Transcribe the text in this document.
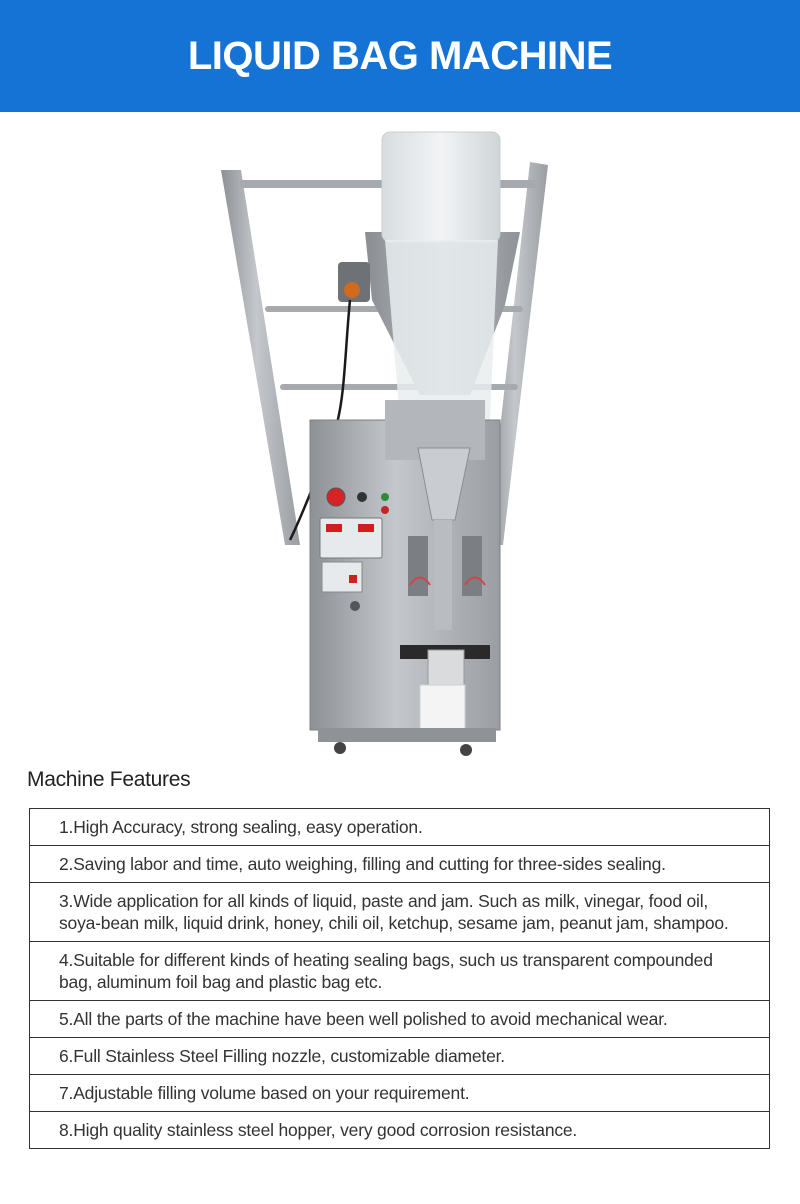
LIQUID BAG MACHINE
Machine Features
1.High Accuracy, strong sealing, easy operation.
2.Saving labor and time, auto weighing, filling and cutting for three-sides sealing.
3.Wide application for all kinds of liquid, paste and jam. Such as milk, vinegar, food oil, soya-bean milk, liquid drink, honey, chili oil, ketchup, sesame jam, peanut jam, shampoo.
4.Suitable for different kinds of heating sealing bags, such us transparent compounded bag, aluminum foil bag and plastic bag etc.
5.All the parts of the machine have been well polished to avoid mechanical wear.
6.Full Stainless Steel Filling nozzle, customizable diameter.
7.Adjustable filling volume based on your requirement.
8.High quality stainless steel hopper, very good corrosion resistance.
